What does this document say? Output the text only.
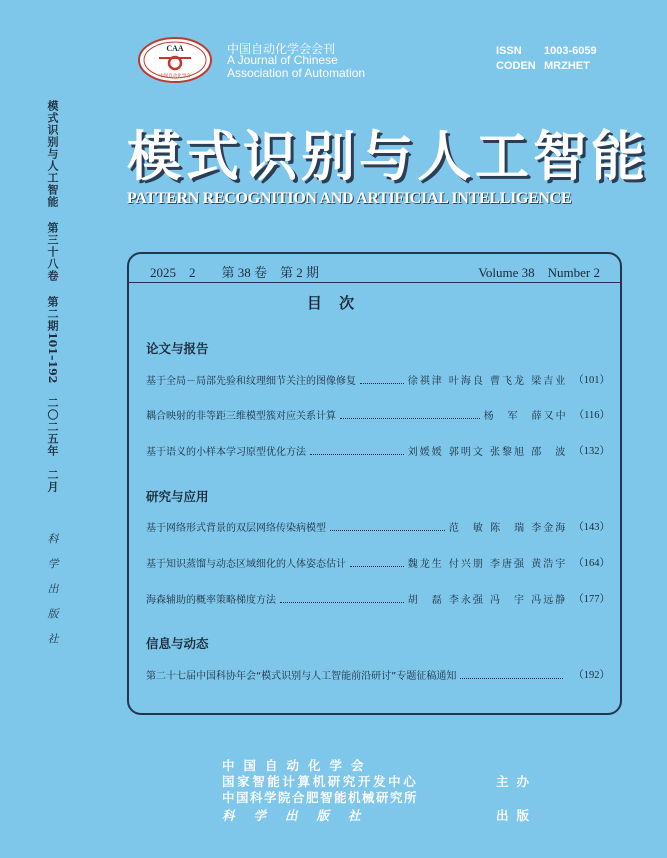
模式识别与人工智能
第三十八卷
第二期
101–192
二〇二五年　二月
科学出版社
CAA
中国自动化学会
中国自动化学会会刊
A Journal of Chinese
Association of Automation
ISSN 1003-6059
CODEN MRZHET
模式识别与人工智能
PATTERN RECOGNITION AND ARTIFICIAL INTELLIGENCE
2025　2　　第 38 卷　第 2 期	Volume 38　Number 2
目 次
论文与报告
基于全局－局部先验和纹理细节关注的图像修复	徐祺津 叶海良 曹飞龙 梁吉业 （101）
耦合映射的非等距三维模型簇对应关系计算	杨　军　薛又中 （116）
基于语义的小样本学习原型优化方法	刘媛媛 郭明文 张黎旭 邵　波 （132）
研究与应用
基于网络形式背景的双层网络传染病模型	范　敏 陈　瑞 李金海 （143）
基于知识蒸馏与动态区域细化的人体姿态估计	魏龙生 付兴朋 李唐强 黄浩宇 （164）
海森辅助的概率策略梯度方法	胡　磊 李永强 冯　宇 冯远静 （177）
信息与动态
第二十七届中国科协年会“模式识别与人工智能前沿研讨”专题征稿通知	（192）
中国自动化学会
国家智能计算机研究开发中心
中国科学院合肥智能机械研究所
科学出版社
主办
出版
